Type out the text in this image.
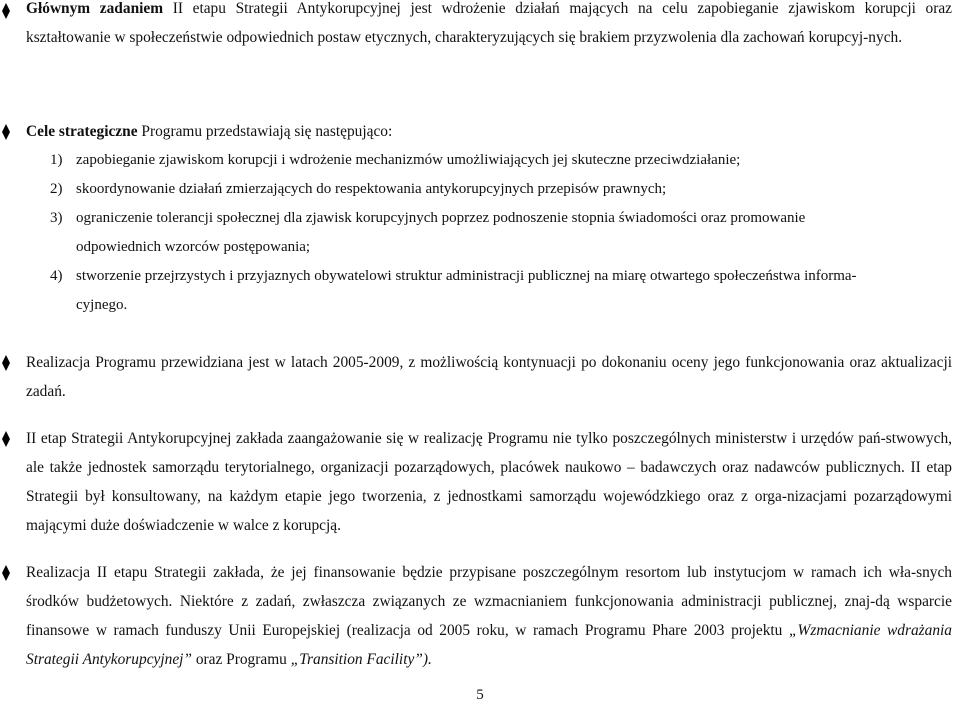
Głównym zadaniem II etapu Strategii Antykorupcyjnej jest wdrożenie działań mających na celu zapobieganie zjawiskom korupcji oraz kształtowanie w społeczeństwie odpowiednich postaw etycznych, charakteryzujących się brakiem przyzwolenia dla zachowań korupcyj-nych.
Cele strategiczne Programu przedstawiają się następująco:
1) zapobieganie zjawiskom korupcji i wdrożenie mechanizmów umożliwiających jej skuteczne przeciwdziałanie;
2) skoordynowanie działań zmierzających do respektowania antykorupcyjnych przepisów prawnych;
3) ograniczenie tolerancji społecznej dla zjawisk korupcyjnych poprzez podnoszenie stopnia świadomości oraz promowanie
odpowiednich wzorców postępowania;
4) stworzenie przejrzystych i przyjaznych obywatelowi struktur administracji publicznej na miarę otwartego społeczeństwa informa-
cyjnego.
Realizacja Programu przewidziana jest w latach 2005-2009, z możliwością kontynuacji po dokonaniu oceny jego funkcjonowania oraz aktualizacji zadań.
II etap Strategii Antykorupcyjnej zakłada zaangażowanie się w realizację Programu nie tylko poszczególnych ministerstw i urzędów pań-stwowych, ale także jednostek samorządu terytorialnego, organizacji pozarządowych, placówek naukowo – badawczych oraz nadawców publicznych. II etap Strategii był konsultowany, na każdym etapie jego tworzenia, z jednostkami samorządu wojewódzkiego oraz z orga-nizacjami pozarządowymi mającymi duże doświadczenie w walce z korupcją.
Realizacja II etapu Strategii zakłada, że jej finansowanie będzie przypisane poszczególnym resortom lub instytucjom w ramach ich wła-snych środków budżetowych. Niektóre z zadań, zwłaszcza związanych ze wzmacnianiem funkcjonowania administracji publicznej, znaj-dą wsparcie finansowe w ramach funduszy Unii Europejskiej (realizacja od 2005 roku, w ramach Programu Phare 2003 projektu „Wzmacnianie wdrażania Strategii Antykorupcyjnej” oraz Programu „Transition Facility”).
5
